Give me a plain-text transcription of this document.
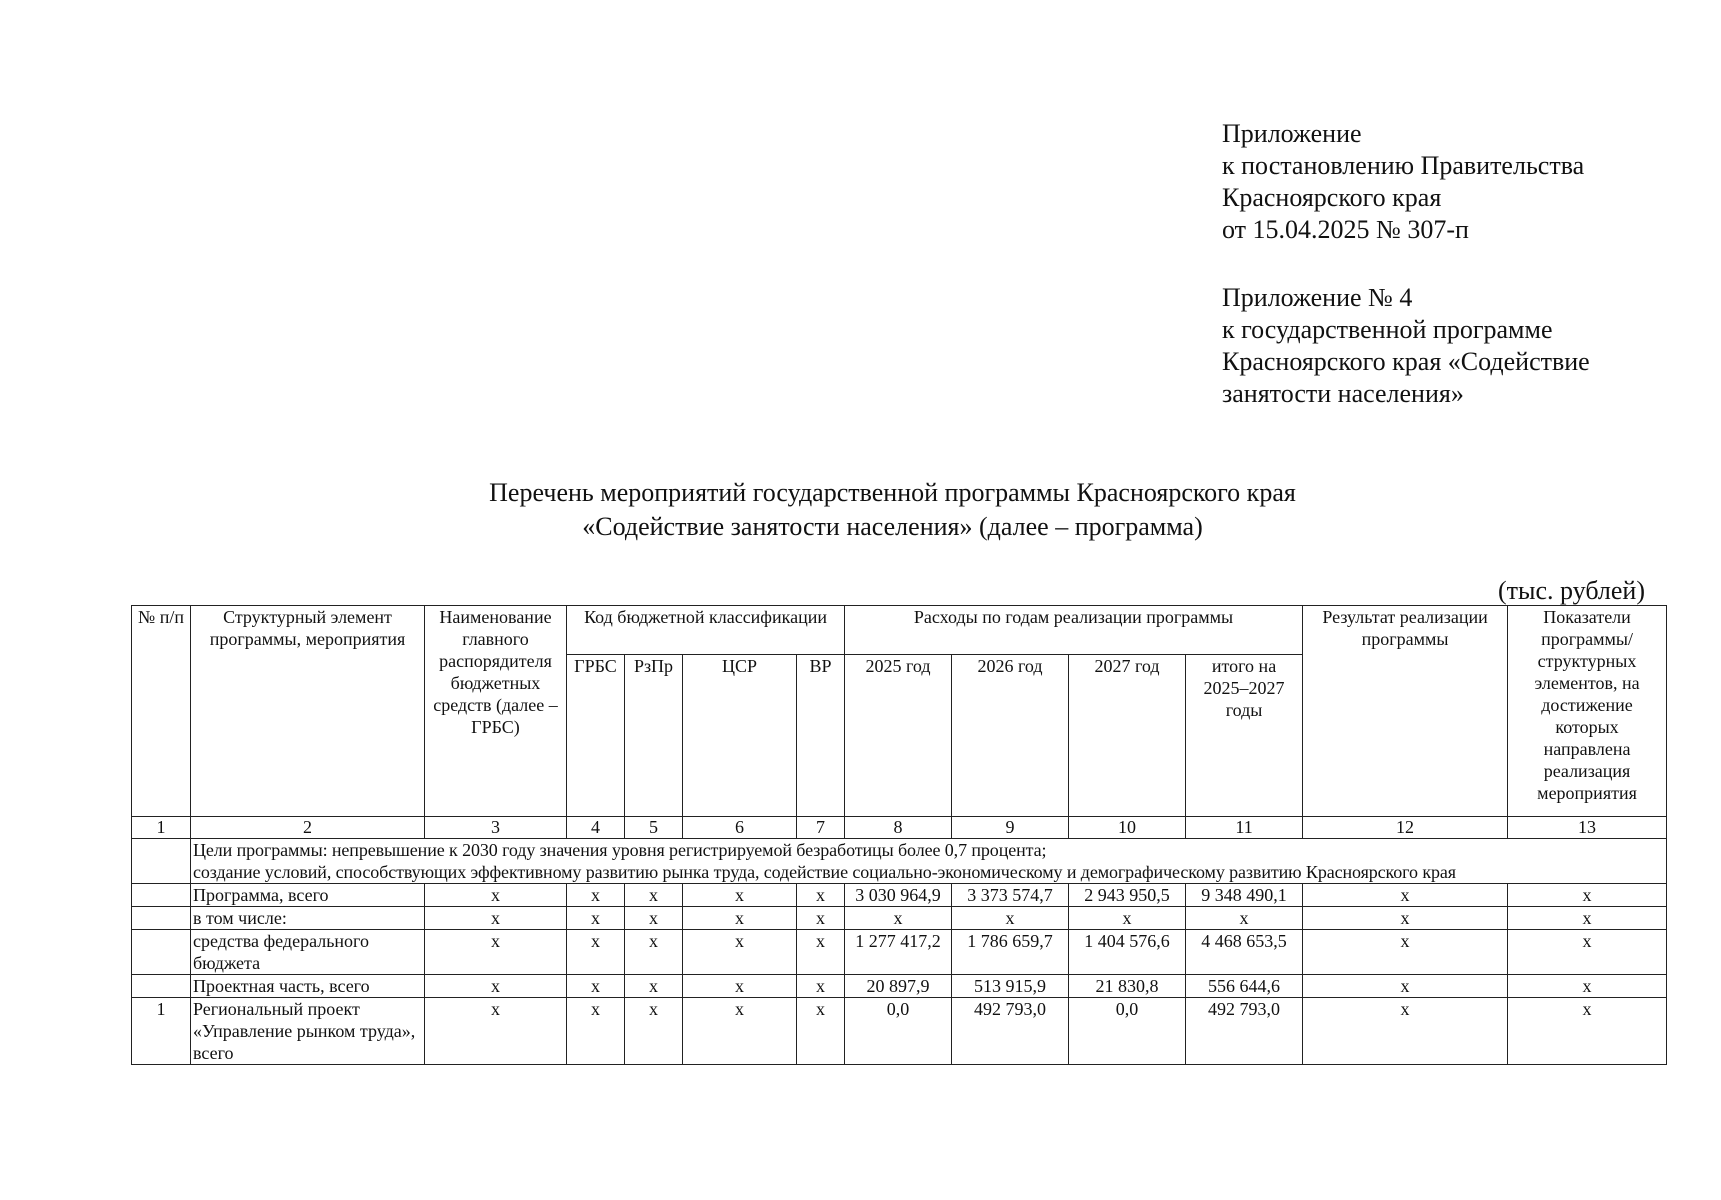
Приложение
к постановлению Правительства
Красноярского края
от 15.04.2025 № 307-п
Приложение № 4
к государственной программе
Красноярского края «Содействие
занятости населения»
Перечень мероприятий государственной программы Красноярского края
«Содействие занятости населения» (далее – программа)
(тыс. рублей)
№ п/п	Структурный элемент программы, мероприятия	Наименование главного распорядителя бюджетных средств (далее – ГРБС)	Код бюджетной классификации				Расходы по годам реализации программы				Результат реализации программы	Показатели программы/ структурных элементов, на достижение которых направлена реализация мероприятия
			ГРБС	РзПр	ЦСР	ВР	2025 год	2026 год	2027 год	итого на 2025–2027 годы		
1	2	3	4	5	6	7	8	9	10	11	12	13

	Цели программы: непревышение к 2030 году значения уровня регистрируемой безработицы более 0,7 процента;
создание условий, способствующих эффективному развитию рынка труда, содействие социально-экономическому и демографическому развитию Красноярского края											

	Программа, всего	х	х	х	х	х	3 030 964,9	3 373 574,7	2 943 950,5	9 348 490,1	х	х
	в том числе:	х	х	х	х	х	х	х	х	х	х	х
	средства федерального бюджета	х	х	х	х	х	1 277 417,2	1 786 659,7	1 404 576,6	4 468 653,5	х	х
	Проектная часть, всего	х	х	х	х	х	20 897,9	513 915,9	21 830,8	556 644,6	х	х
1	Региональный проект «Управление рынком труда», всего	х	х	х	х	х	0,0	492 793,0	0,0	492 793,0	х	х
